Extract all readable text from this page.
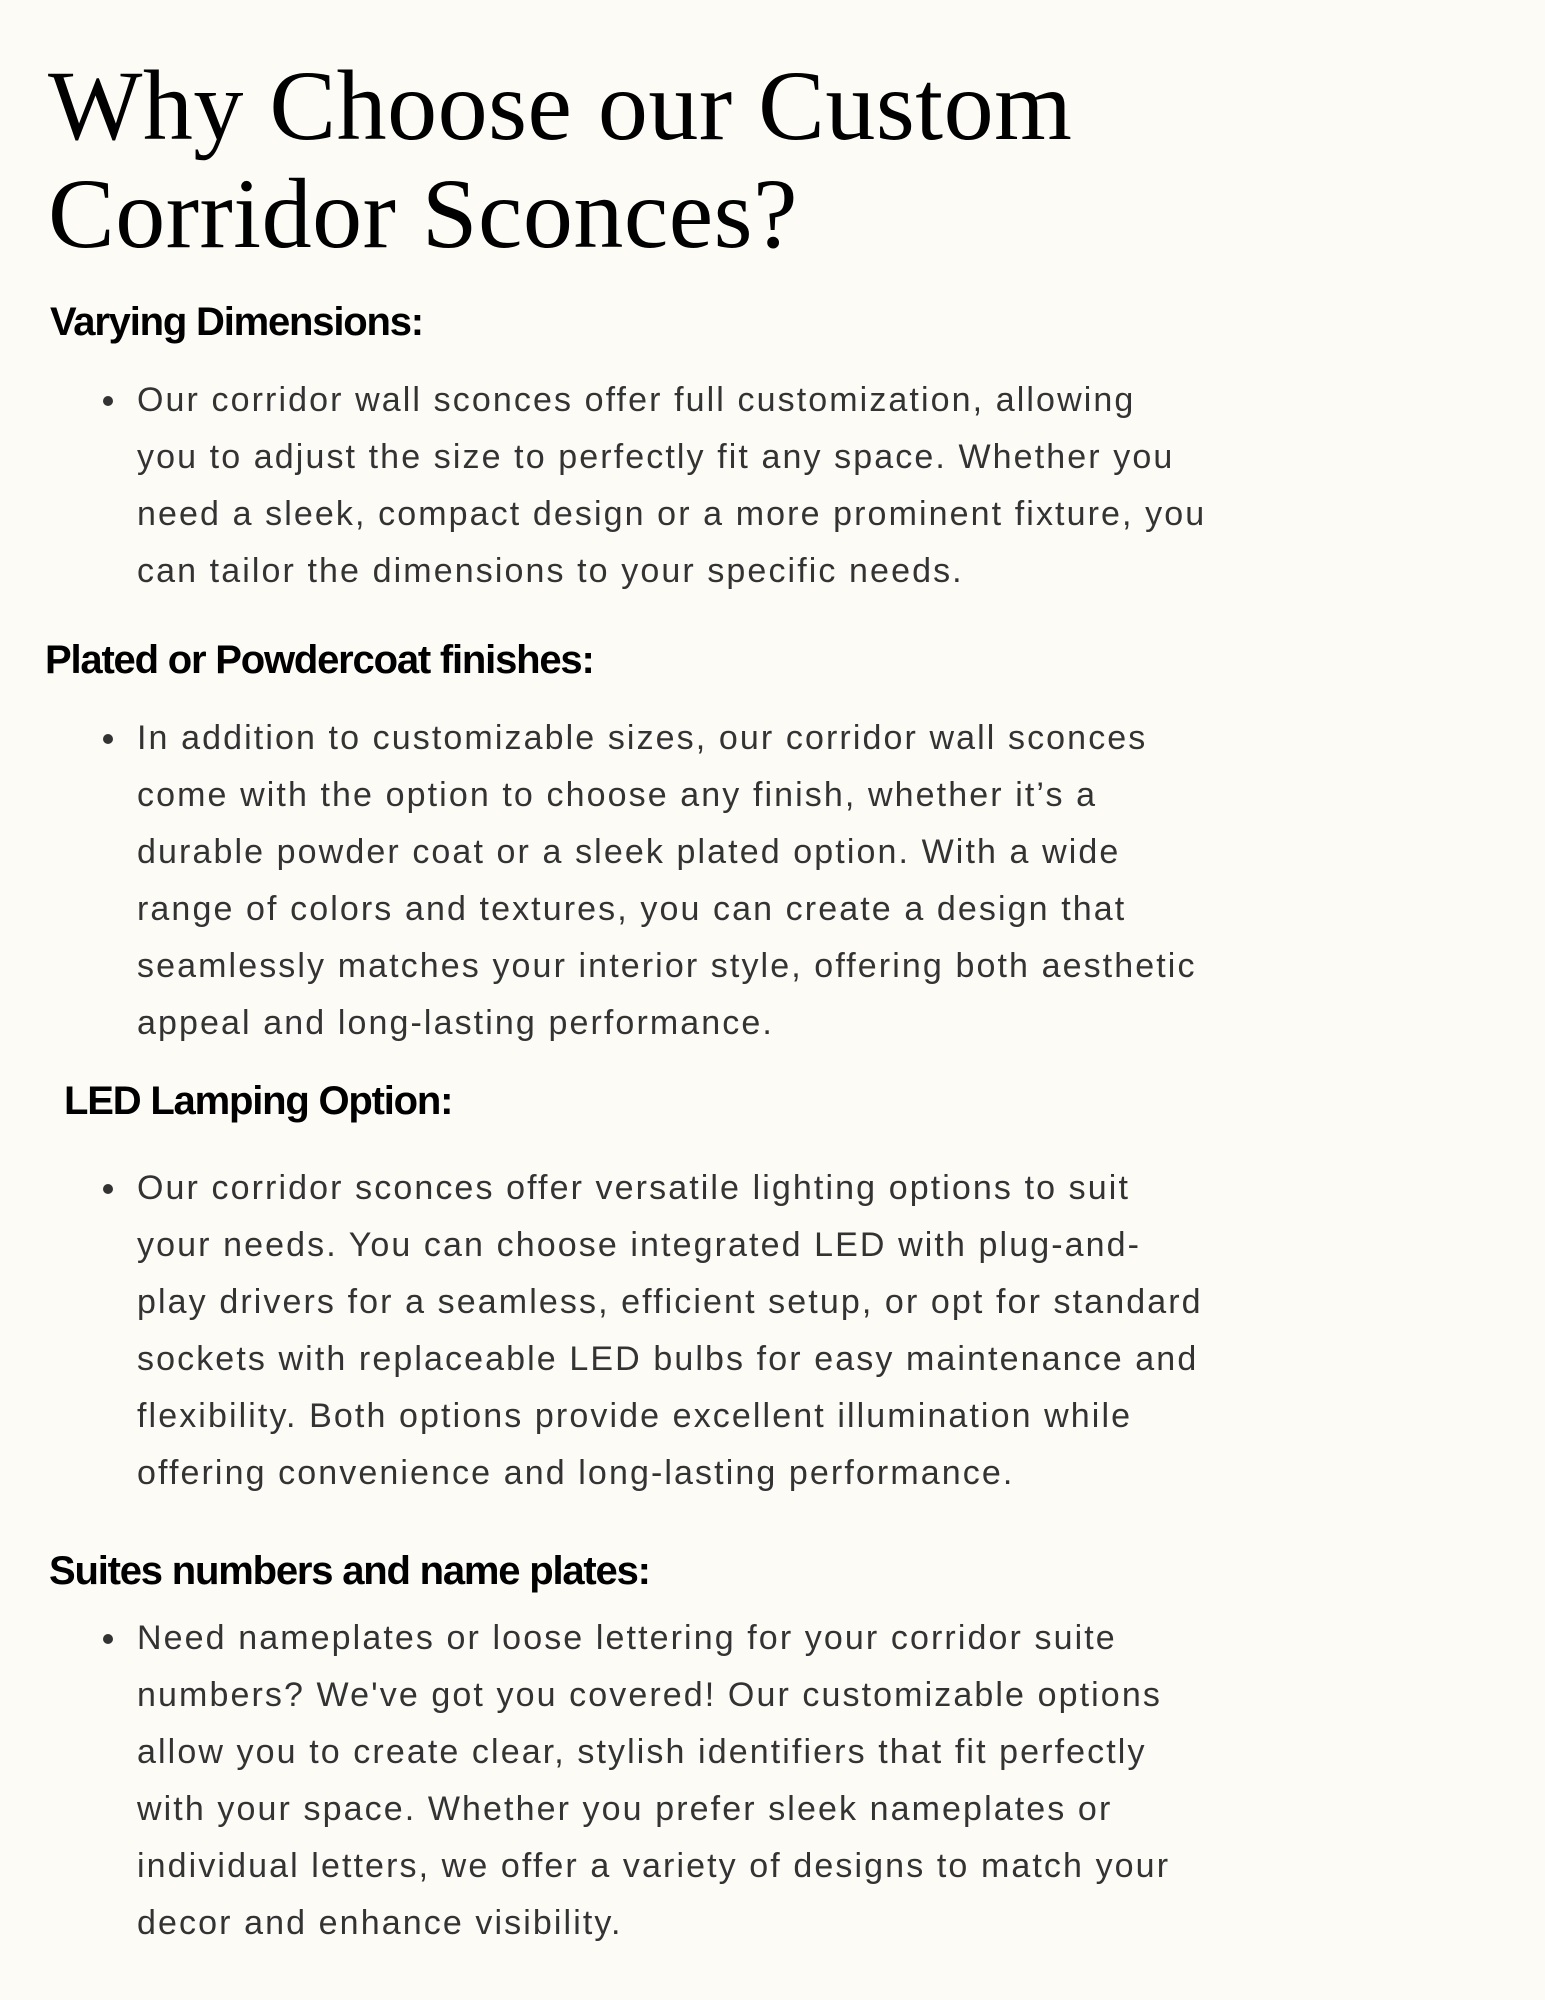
Why Choose our Custom
Corridor Sconces?
Varying Dimensions:
Our corridor wall sconces offer full customization, allowing
you to adjust the size to perfectly fit any space. Whether you
need a sleek, compact design or a more prominent fixture, you
can tailor the dimensions to your specific needs.
Plated or Powdercoat finishes:
In addition to customizable sizes, our corridor wall sconces
come with the option to choose any finish, whether it’s a
durable powder coat or a sleek plated option. With a wide
range of colors and textures, you can create a design that
seamlessly matches your interior style, offering both aesthetic
appeal and long-lasting performance.
LED Lamping Option:
Our corridor sconces offer versatile lighting options to suit
your needs. You can choose integrated LED with plug-and-
play drivers for a seamless, efficient setup, or opt for standard
sockets with replaceable LED bulbs for easy maintenance and
flexibility. Both options provide excellent illumination while
offering convenience and long-lasting performance.
Suites numbers and name plates:
Need nameplates or loose lettering for your corridor suite
numbers? We've got you covered! Our customizable options
allow you to create clear, stylish identifiers that fit perfectly
with your space. Whether you prefer sleek nameplates or
individual letters, we offer a variety of designs to match your
decor and enhance visibility.
